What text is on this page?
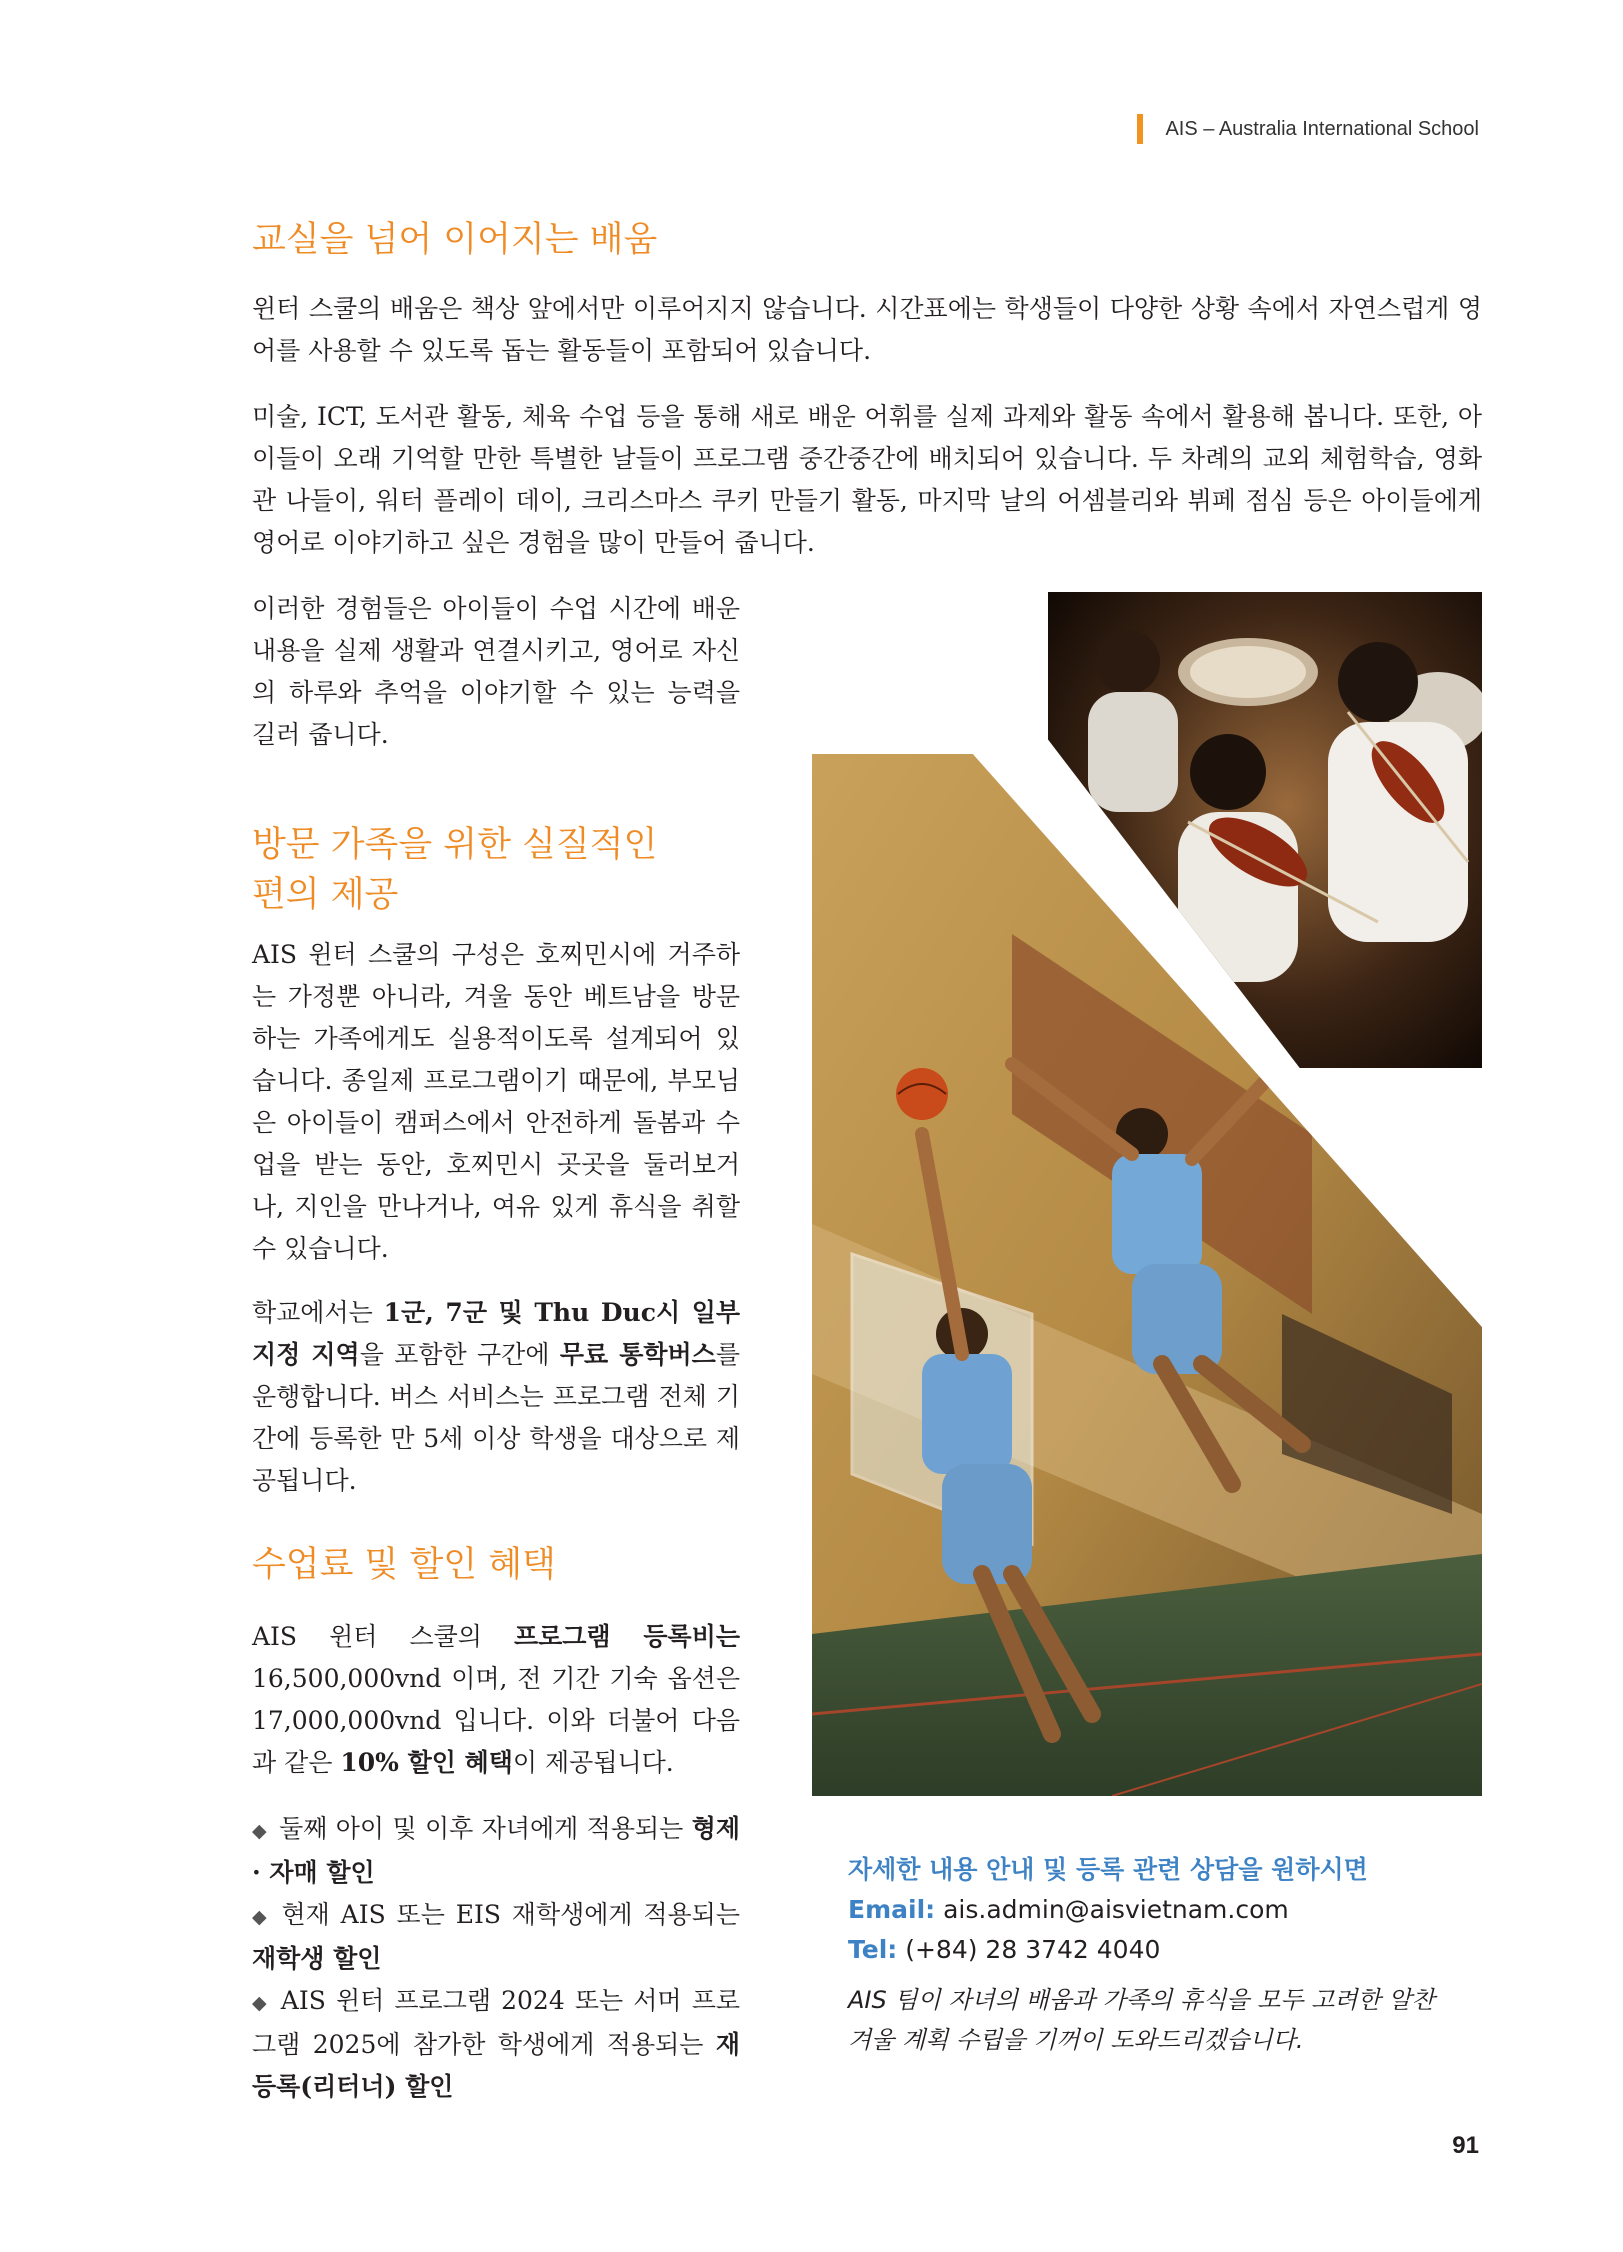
AIS – Australia International School
교실을 넘어 이어지는 배움

윈터 스쿨의 배움은 책상 앞에서만 이루어지지 않습니다. 시간표에는 학생들이 다양한 상황 속에서 자연스럽게 영어를 사용할 수 있도록 돕는 활동들이 포함되어 있습니다.

미술, ICT, 도서관 활동, 체육 수업 등을 통해 새로 배운 어휘를 실제 과제와 활동 속에서 활용해 봅니다. 또한, 아이들이 오래 기억할 만한 특별한 날들이 프로그램 중간중간에 배치되어 있습니다. 두 차례의 교외 체험학습, 영화관 나들이, 워터 플레이 데이, 크리스마스 쿠키 만들기 활동, 마지막 날의 어셈블리와 뷔페 점심 등은 아이들에게 영어로 이야기하고 싶은 경험을 많이 만들어 줍니다.

이러한 경험들은 아이들이 수업 시간에 배운 내용을 실제 생활과 연결시키고, 영어로 자신의 하루와 추억을 이야기할 수 있는 능력을 길러 줍니다.

방문 가족을 위한 실질적인
편의 제공

AIS 윈터 스쿨의 구성은 호찌민시에 거주하는 가정뿐 아니라, 겨울 동안 베트남을 방문하는 가족에게도 실용적이도록 설계되어 있습니다. 종일제 프로그램이기 때문에, 부모님은 아이들이 캠퍼스에서 안전하게 돌봄과 수업을 받는 동안, 호찌민시 곳곳을 둘러보거나, 지인을 만나거나, 여유 있게 휴식을 취할 수 있습니다.

학교에서는 1군, 7군 및 Thu Duc시 일부 지정 지역을 포함한 구간에 무료 통학버스를 운행합니다. 버스 서비스는 프로그램 전체 기간에 등록한 만 5세 이상 학생을 대상으로 제공됩니다.

수업료 및 할인 혜택

AIS 윈터 스쿨의 프로그램 등록비는 16,500,000vnd 이며, 전 기간 기숙 옵션은 17,000,000vnd 입니다. 이와 더불어 다음과 같은 10% 할인 혜택이 제공됩니다.

◆ 둘째 아이 및 이후 자녀에게 적용되는 형제 · 자매 할인
◆ 현재 AIS 또는 EIS 재학생에게 적용되는 재학생 할인
◆ AIS 윈터 프로그램 2024 또는 서머 프로그램 2025에 참가한 학생에게 적용되는 재등록(리터너) 할인
자세한 내용 안내 및 등록 관련 상담을 원하시면
Email: ais.admin@aisvietnam.com
Tel: (+84) 28 3742 4040
AIS 팀이 자녀의 배움과 가족의 휴식을 모두 고려한 알찬
겨울 계획 수립을 기꺼이 도와드리겠습니다.
91
